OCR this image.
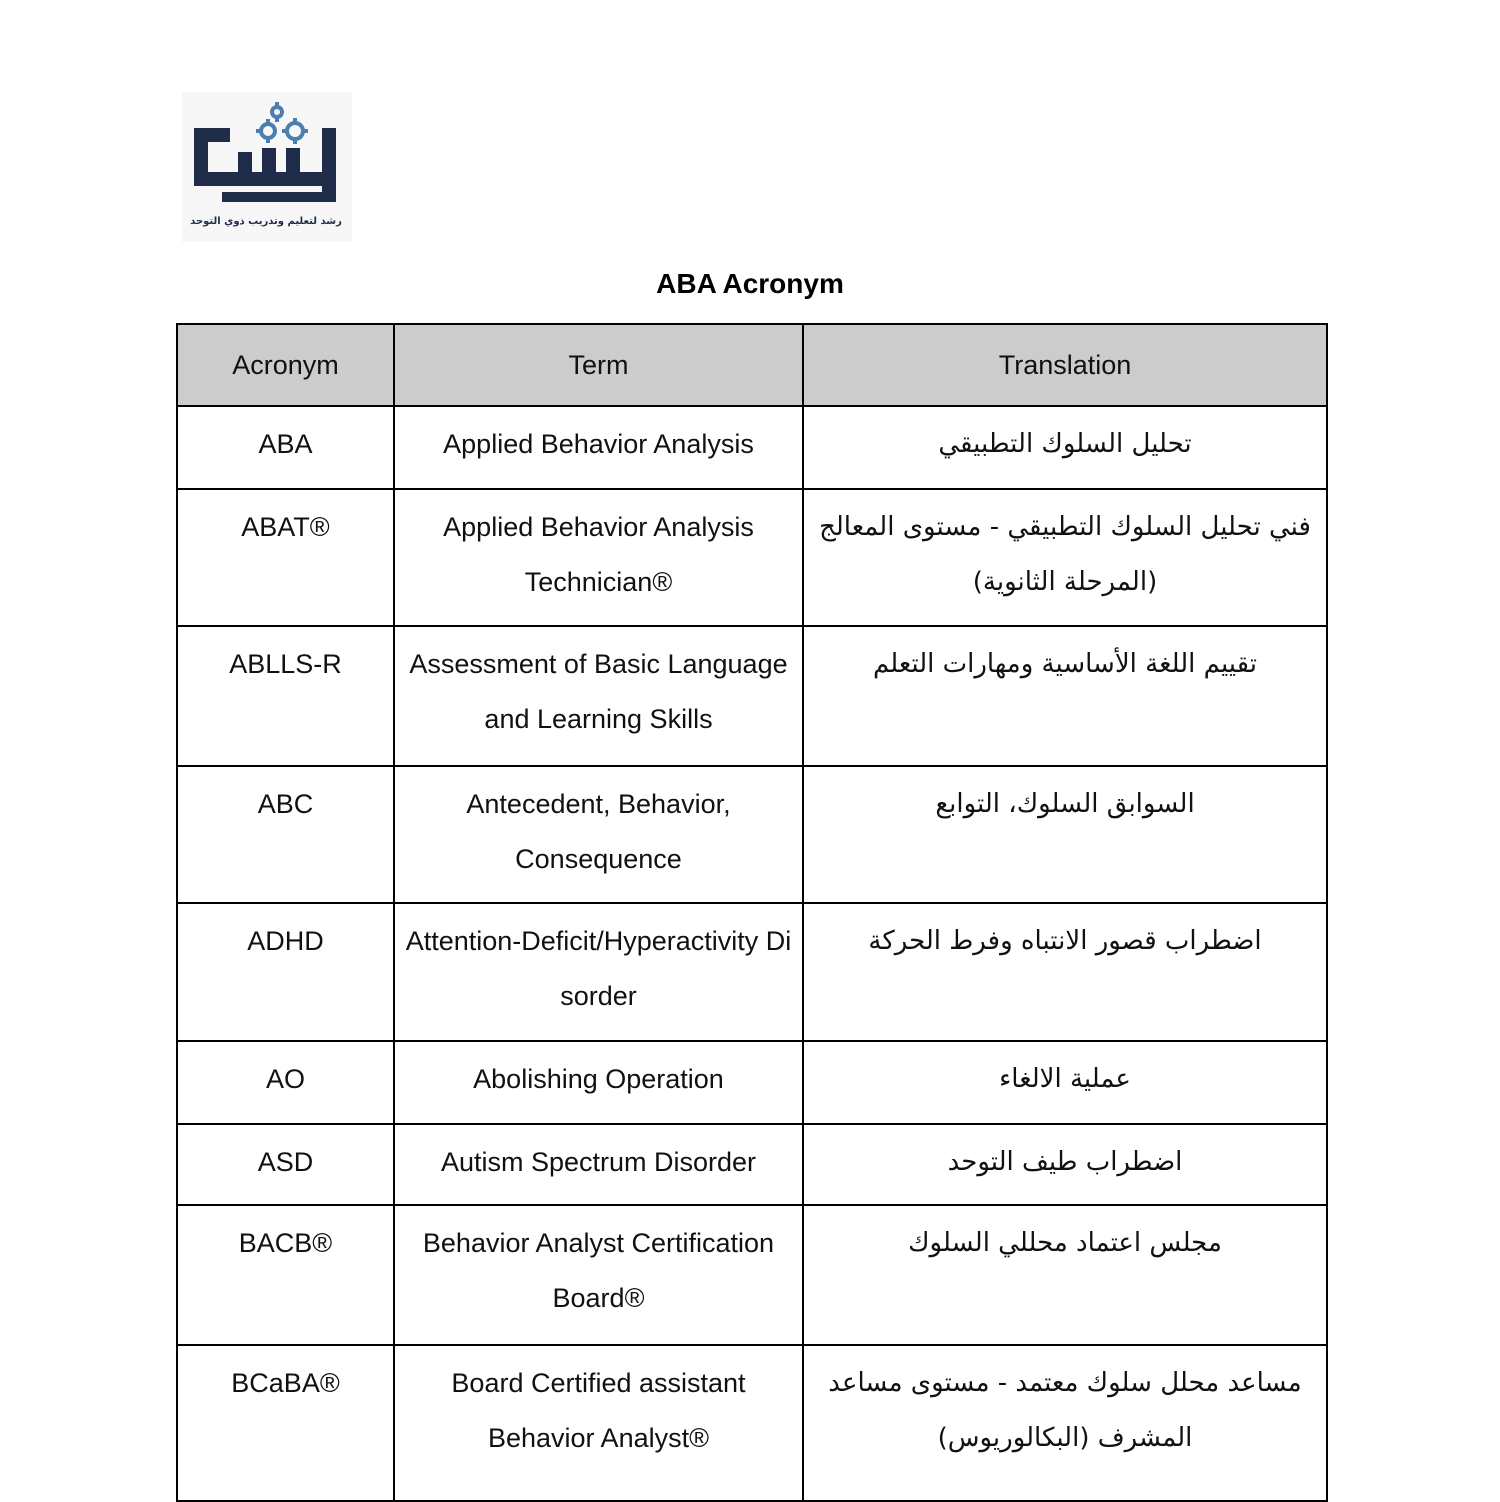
رشد لتعليم وتدريب ذوي التوحد
ABA Acronym
Acronym	Term	Translation
ABA	Applied Behavior Analysis	تحليل السلوك التطبيقي
ABAT®	Applied Behavior Analysis Technician®	فني تحليل السلوك التطبيقي - مستوى المعالج (المرحلة الثانوية)
ABLLS-R	Assessment of Basic Language and Learning Skills	تقييم اللغة الأساسية ومهارات التعلم
ABC	Antecedent, Behavior, Consequence	السوابق السلوك، التوابع
ADHD	Attention-Deficit/Hyperactivity Disorder	اضطراب قصور الانتباه وفرط الحركة
AO	Abolishing Operation	عملية الالغاء
ASD	Autism Spectrum Disorder	اضطراب طيف التوحد
BACB®	Behavior Analyst Certification Board®	مجلس اعتماد محللي السلوك
BCaBA®	Board Certified assistant Behavior Analyst®	مساعد محلل سلوك معتمد - مستوى مساعد المشرف (البكالوريوس)
